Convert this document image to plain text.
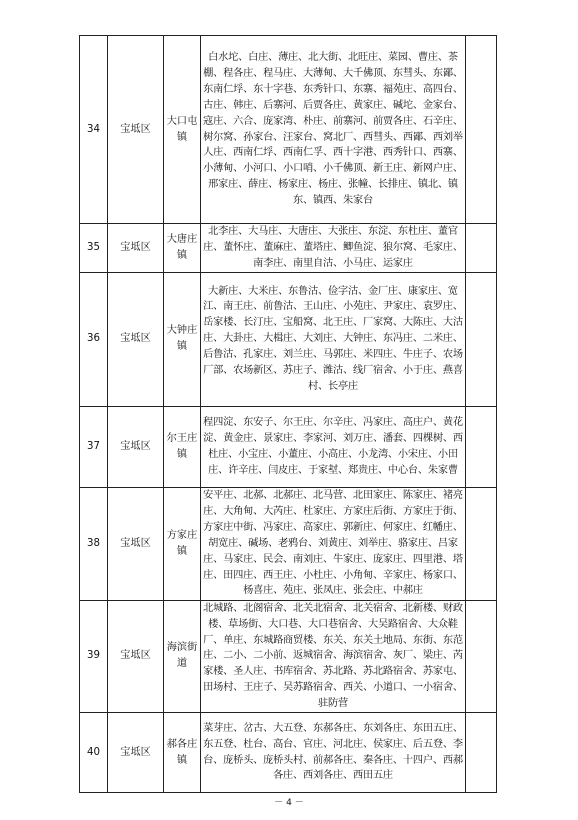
34	宝坻区	大口屯镇	白水坨、白庄、薄庄、北大街、北旺庄、菜园、曹庄、茶棚、程各庄、程马庄、大薄甸、大千佛顶、东彗头、东鄙、东南仁垺、东十字巷、东秀针口、东寨、福苑庄、高四台、古庄、韩庄、后寨河、后贾各庄、黄家庄、碱坨、金家台、寇庄、六合、庞家湾、朴庄、前寨河、前贾各庄、石辛庄、树尔窝、孙家台、汪家台、窝北厂、西彗头、西鄙、西刘举人庄、西南仁垺、西南仁孚、西十字港、西秀针口、西寨、小薄甸、小河口、小口哨、小千佛顶、新王庄、新网户庄、邢家庄、薛庄、杨家庄、杨庄、张幢、长排庄、镇北、镇东、镇西、朱家台	
35	宝坻区	大唐庄镇	北李庄、大马庄、大唐庄、大张庄、东淀、东杜庄、董官庄、董怀庄、董麻庄、董塔庄、鲫鱼淀、狼尔窝、毛家庄、南李庄、南里自沽、小马庄、运家庄	
36	宝坻区	大钟庄镇	大新庄、大米庄、东鲁沽、俭字沽、金厂庄、康家庄、宽江、南王庄、前鲁沽、王山庄、小苑庄、尹家庄、袁罗庄、岳家楼、长汀庄、宝船窝、北王庄、厂家窝、大陈庄、大沽庄、大卦庄、大楫庄、大刘庄、大钟庄、东冯庄、二米庄、后鲁沽、孔家庄、刘兰庄、马郭庄、米四庄、牛庄子、农场厂部、农场新区、苏庄子、潍沽、线厂宿舍、小于庄、燕喜村、长亭庄	
37	宝坻区	尔王庄镇	程四淀、东安子、尔王庄、尔辛庄、冯家庄、高庄户、黄花淀、黄金庄、景家庄、李家河、刘万庄、潘套、四棵树、西杜庄、小宝庄、小董庄、小高庄、小龙湾、小宋庄、小田庄、许辛庄、闫皮庄、于家堼、郑贵庄、中心台、朱家曹	
38	宝坻区	方家庄镇	安平庄、北郝、北郝庄、北马营、北田家庄、陈家庄、褚亮庄、大角甸、大芮庄、杜家庄、方家庄后街、方家庄于街、方家庄中街、冯家庄、高家庄、郭新庄、何家庄、红幡庄、胡宽庄、碱场、老鸦台、刘黄庄、刘举庄、骆家庄、吕家庄、马家庄、民会、南刘庄、牛家庄、庞家庄、四里港、塔庄、田四庄、西王庄、小杜庄、小角甸、辛家庄、杨家口、杨喜庄、苑庄、张凤庄、张会庄、中郝庄	
39	宝坻区	海滨街道	北城路、北阁宿舍、北关北宿舍、北关宿舍、北新楼、财政楼、草场街、大口巷、大口巷宿舍、大吴路宿舍、大众鞋厂、单庄、东城路商贸楼、东关、东关土地局、东街、东范庄、二小、二小前、返城宿舍、海滨宿舍、灰厂、梁庄、芮家楼、圣人庄、书库宿舍、苏北路、苏北路宿舍、苏家屯、田场村、王庄子、吴苏路宿舍、西关、小道口、一小宿舍、驻防营	
40	宝坻区	郝各庄镇	菜芽庄、岔古、大五登、东郝各庄、东刘各庄、东田五庄、东五登、杜台、高台、官庄、河北庄、侯家庄、后五登、李台、庞桥头、庞桥头村、前郝各庄、秦各庄、十四户、西郝各庄、西刘各庄、西田五庄	
－ 4 －
